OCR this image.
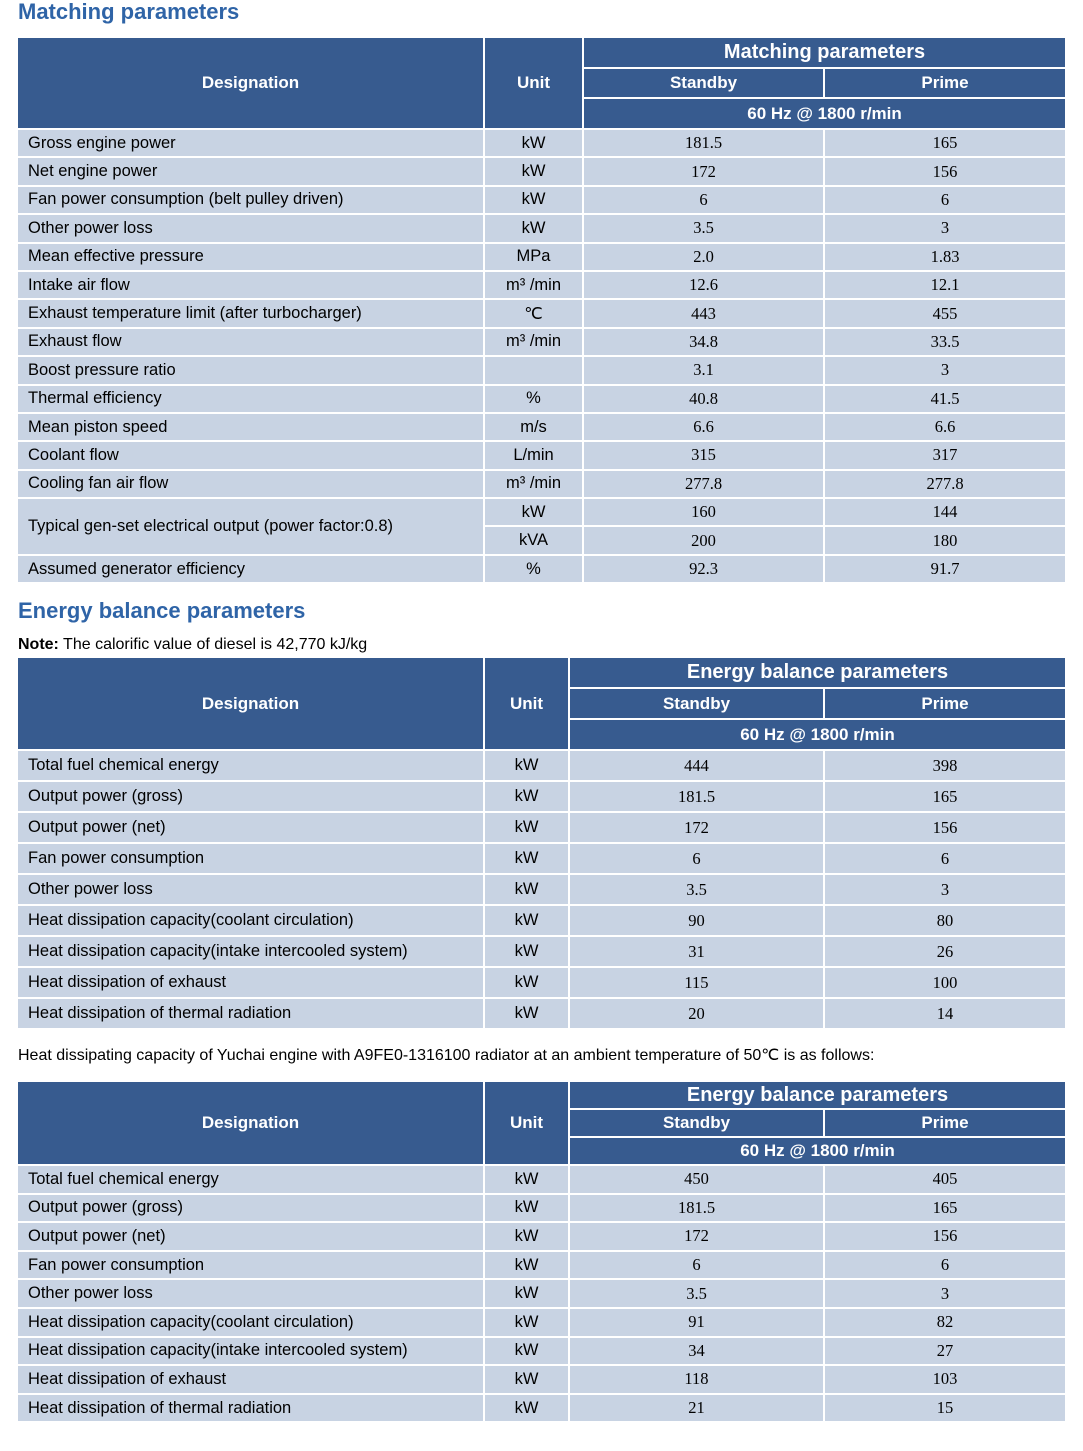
Matching parameters
Designation	Unit	Matching parameters	
		Standby	Prime
		60 Hz @ 1800 r/min	
Gross engine power	kW	181.5	165
Net engine power	kW	172	156
Fan power consumption (belt pulley driven)	kW	6	6
Other power loss	kW	3.5	3
Mean effective pressure	MPa	2.0	1.83
Intake air flow	m³ /min	12.6	12.1
Exhaust temperature limit (after turbocharger)	℃	443	455
Exhaust flow	m³ /min	34.8	33.5
Boost pressure ratio		3.1	3
Thermal efficiency	%	40.8	41.5
Mean piston speed	m/s	6.6	6.6
Coolant flow	L/min	315	317
Cooling fan air flow	m³ /min	277.8	277.8
Typical gen-set electrical output (power factor:0.8)	kW	160	144
	kVA	200	180
Assumed generator efficiency	%	92.3	91.7
Energy balance parameters

Note: The calorific value of diesel is 42,770 kJ/kg

Designation	Unit	Energy balance parameters	
		Standby	Prime
		60 Hz @ 1800 r/min	
Total fuel chemical energy	kW	444	398
Output power (gross)	kW	181.5	165
Output power (net)	kW	172	156
Fan power consumption	kW	6	6
Other power loss	kW	3.5	3
Heat dissipation capacity(coolant circulation)	kW	90	80
Heat dissipation capacity(intake intercooled system)	kW	31	26
Heat dissipation of exhaust	kW	115	100
Heat dissipation of thermal radiation	kW	20	14

Heat dissipating capacity of Yuchai engine with A9FE0-1316100 radiator at an ambient temperature of 50℃ is as follows:

Designation	Unit	Energy balance parameters	
		Standby	Prime
		60 Hz @ 1800 r/min	
Total fuel chemical energy	kW	450	405
Output power (gross)	kW	181.5	165
Output power (net)	kW	172	156
Fan power consumption	kW	6	6
Other power loss	kW	3.5	3
Heat dissipation capacity(coolant circulation)	kW	91	82
Heat dissipation capacity(intake intercooled system)	kW	34	27
Heat dissipation of exhaust	kW	118	103
Heat dissipation of thermal radiation	kW	21	15
